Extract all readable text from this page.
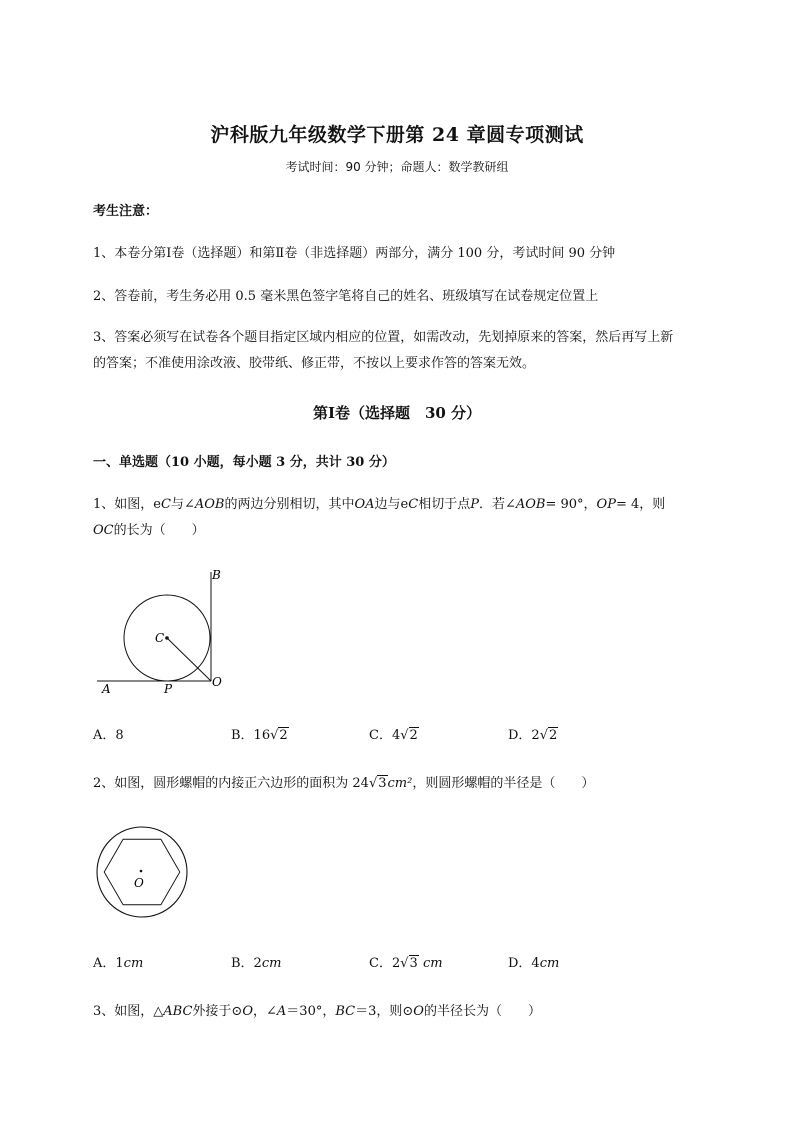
沪科版九年级数学下册第 24 章圆专项测试
考试时间：90 分钟；命题人：数学教研组
考生注意：
1、本卷分第Ⅰ卷（选择题）和第Ⅱ卷（非选择题）两部分，满分 100 分，考试时间 90 分钟
2、答卷前，考生务必用 0.5 毫米黑色签字笔将自己的姓名、班级填写在试卷规定位置上
3、答案必须写在试卷各个题目指定区域内相应的位置，如需改动，先划掉原来的答案，然后再写上新
的答案；不准使用涂改液、胶带纸、修正带，不按以上要求作答的答案无效。
第Ⅰ卷（选择题　30 分）
一、单选题（10 小题，每小题 3 分，共计 30 分）
1、如图，eC与∠AOB的两边分别相切，其中OA边与eC相切于点P．若∠AOB= 90°，OP= 4，则
OC的长为（　　）
B
C
A	P	O
A．8	B．16√2	C．4√2	D．2√2
2、如图，圆形螺帽的内接正六边形的面积为 24√3cm²，则圆形螺帽的半径是（　　）
O
A．1cm	B．2cm	C．2√3 cm	D．4cm
3、如图，△ABC外接于⊙O，∠A＝30°，BC＝3，则⊙O的半径长为（　　）
